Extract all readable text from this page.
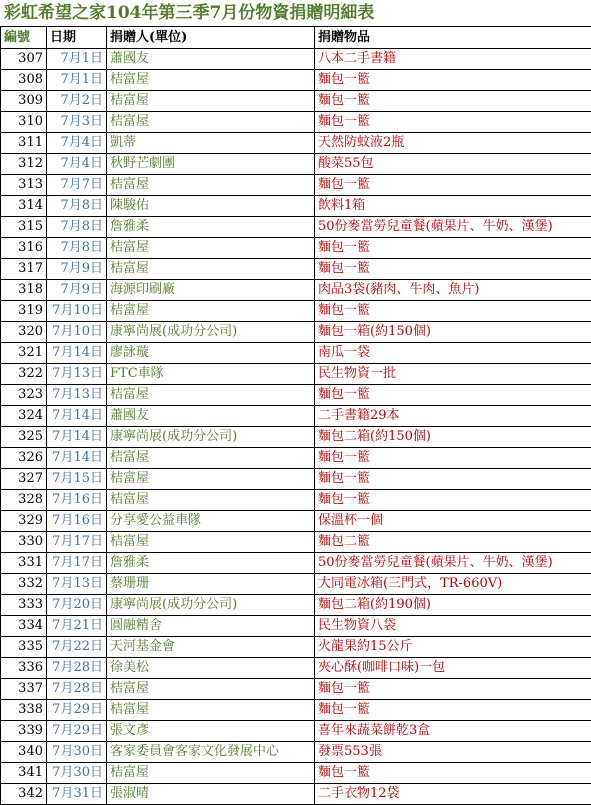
彩虹希望之家104年第三季7月份物資捐贈明細表
編號	日期	捐贈人(單位)	捐贈物品
307	7月1日	蕭國友	八本二手書籍
308	7月1日	桔富屋	麵包一籃
309	7月2日	桔富屋	麵包一籃
310	7月3日	桔富屋	麵包一籃
311	7月4日	凱蒂	天然防蚊液2瓶
312	7月4日	秋野芒劇團	酸菜55包
313	7月7日	桔富屋	麵包一籃
314	7月8日	陳駿佑	飲料1箱
315	7月8日	詹雅柔	50份麥當勞兒童餐(蘋果片、牛奶、漢堡)
316	7月8日	桔富屋	麵包一籃
317	7月9日	桔富屋	麵包一籃
318	7月9日	海源印刷廠	肉品3袋(豬肉、牛肉、魚片)
319	7月10日	桔富屋	麵包一籃
320	7月10日	康寧尚展(成功分公司)	麵包一箱(約150個)
321	7月14日	廖詠璇	南瓜一袋
322	7月13日	FTC車隊	民生物資一批
323	7月13日	桔富屋	麵包一籃
324	7月14日	蕭國友	二手書籍29本
325	7月14日	康寧尚展(成功分公司)	麵包二箱(約150個)
326	7月14日	桔富屋	麵包一籃
327	7月15日	桔富屋	麵包一籃
328	7月16日	桔富屋	麵包一籃
329	7月16日	分享愛公益車隊	保溫杯一個
330	7月17日	桔富屋	麵包二籃
331	7月17日	詹雅柔	50份麥當勞兒童餐(蘋果片、牛奶、漢堡)
332	7月13日	蔡珊珊	大同電冰箱(三門式，TR-660V)
333	7月20日	康寧尚展(成功分公司)	麵包二箱(約190個)
334	7月21日	圓融精舍	民生物資八袋
335	7月22日	天河基金會	火龍果約15公斤
336	7月28日	徐美松	夾心酥(咖啡口味)一包
337	7月28日	桔富屋	麵包一籃
338	7月29日	桔富屋	麵包一籃
339	7月29日	張文彥	喜年來蔬菜餅乾3盒
340	7月30日	客家委員會客家文化發展中心	發票553張
341	7月30日	桔富屋	麵包一籃
342	7月31日	張淑晴	二手衣物12袋
